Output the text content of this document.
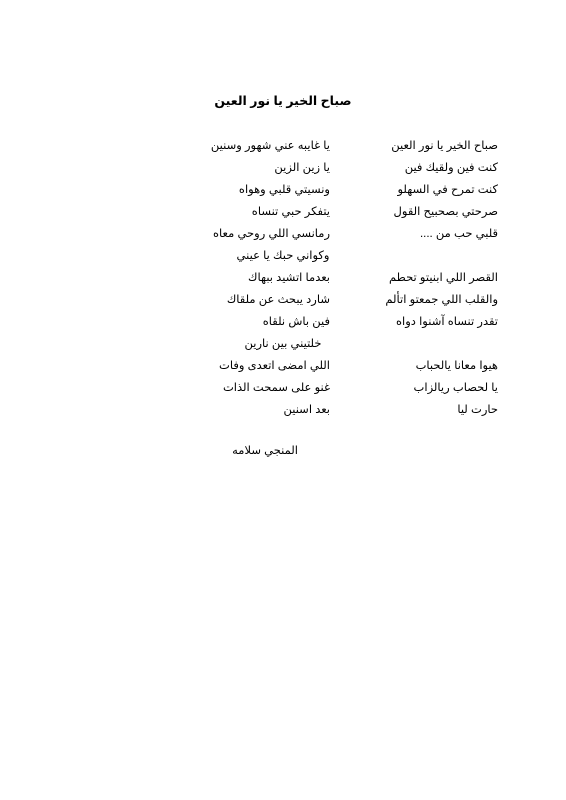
صباح الخير يا نور العين
صباح الخير يا نور العين
يا غايبه عني شهور وسنين
كنت فين ولقيك فين
يا زين الزين
كنت تمرح في السهلو
ونسيتي قلبي وهواه
صرحتي بصحبيح القول
يتفكر حبي تنساه
قلبي حب من ....
رمانسي اللي روحي معاه
وكواني حبك يا عيني
القصر اللي ابنيتو تحطم
بعدما اتشيد ببهاك
والقلب اللي جمعتو اتألم
شارد يبحث عن ملقاك
تقدر تنساه آشنوا دواه
فين باش نلقاه
خلتيني بين نارين
هيوا معانا يالحباب
اللي امضى اتعدى وفات
يا لحصاب ريالزاب
غنو على سمحت الذات
حارت ليا
بعد اسنين
المنجي سلامه
